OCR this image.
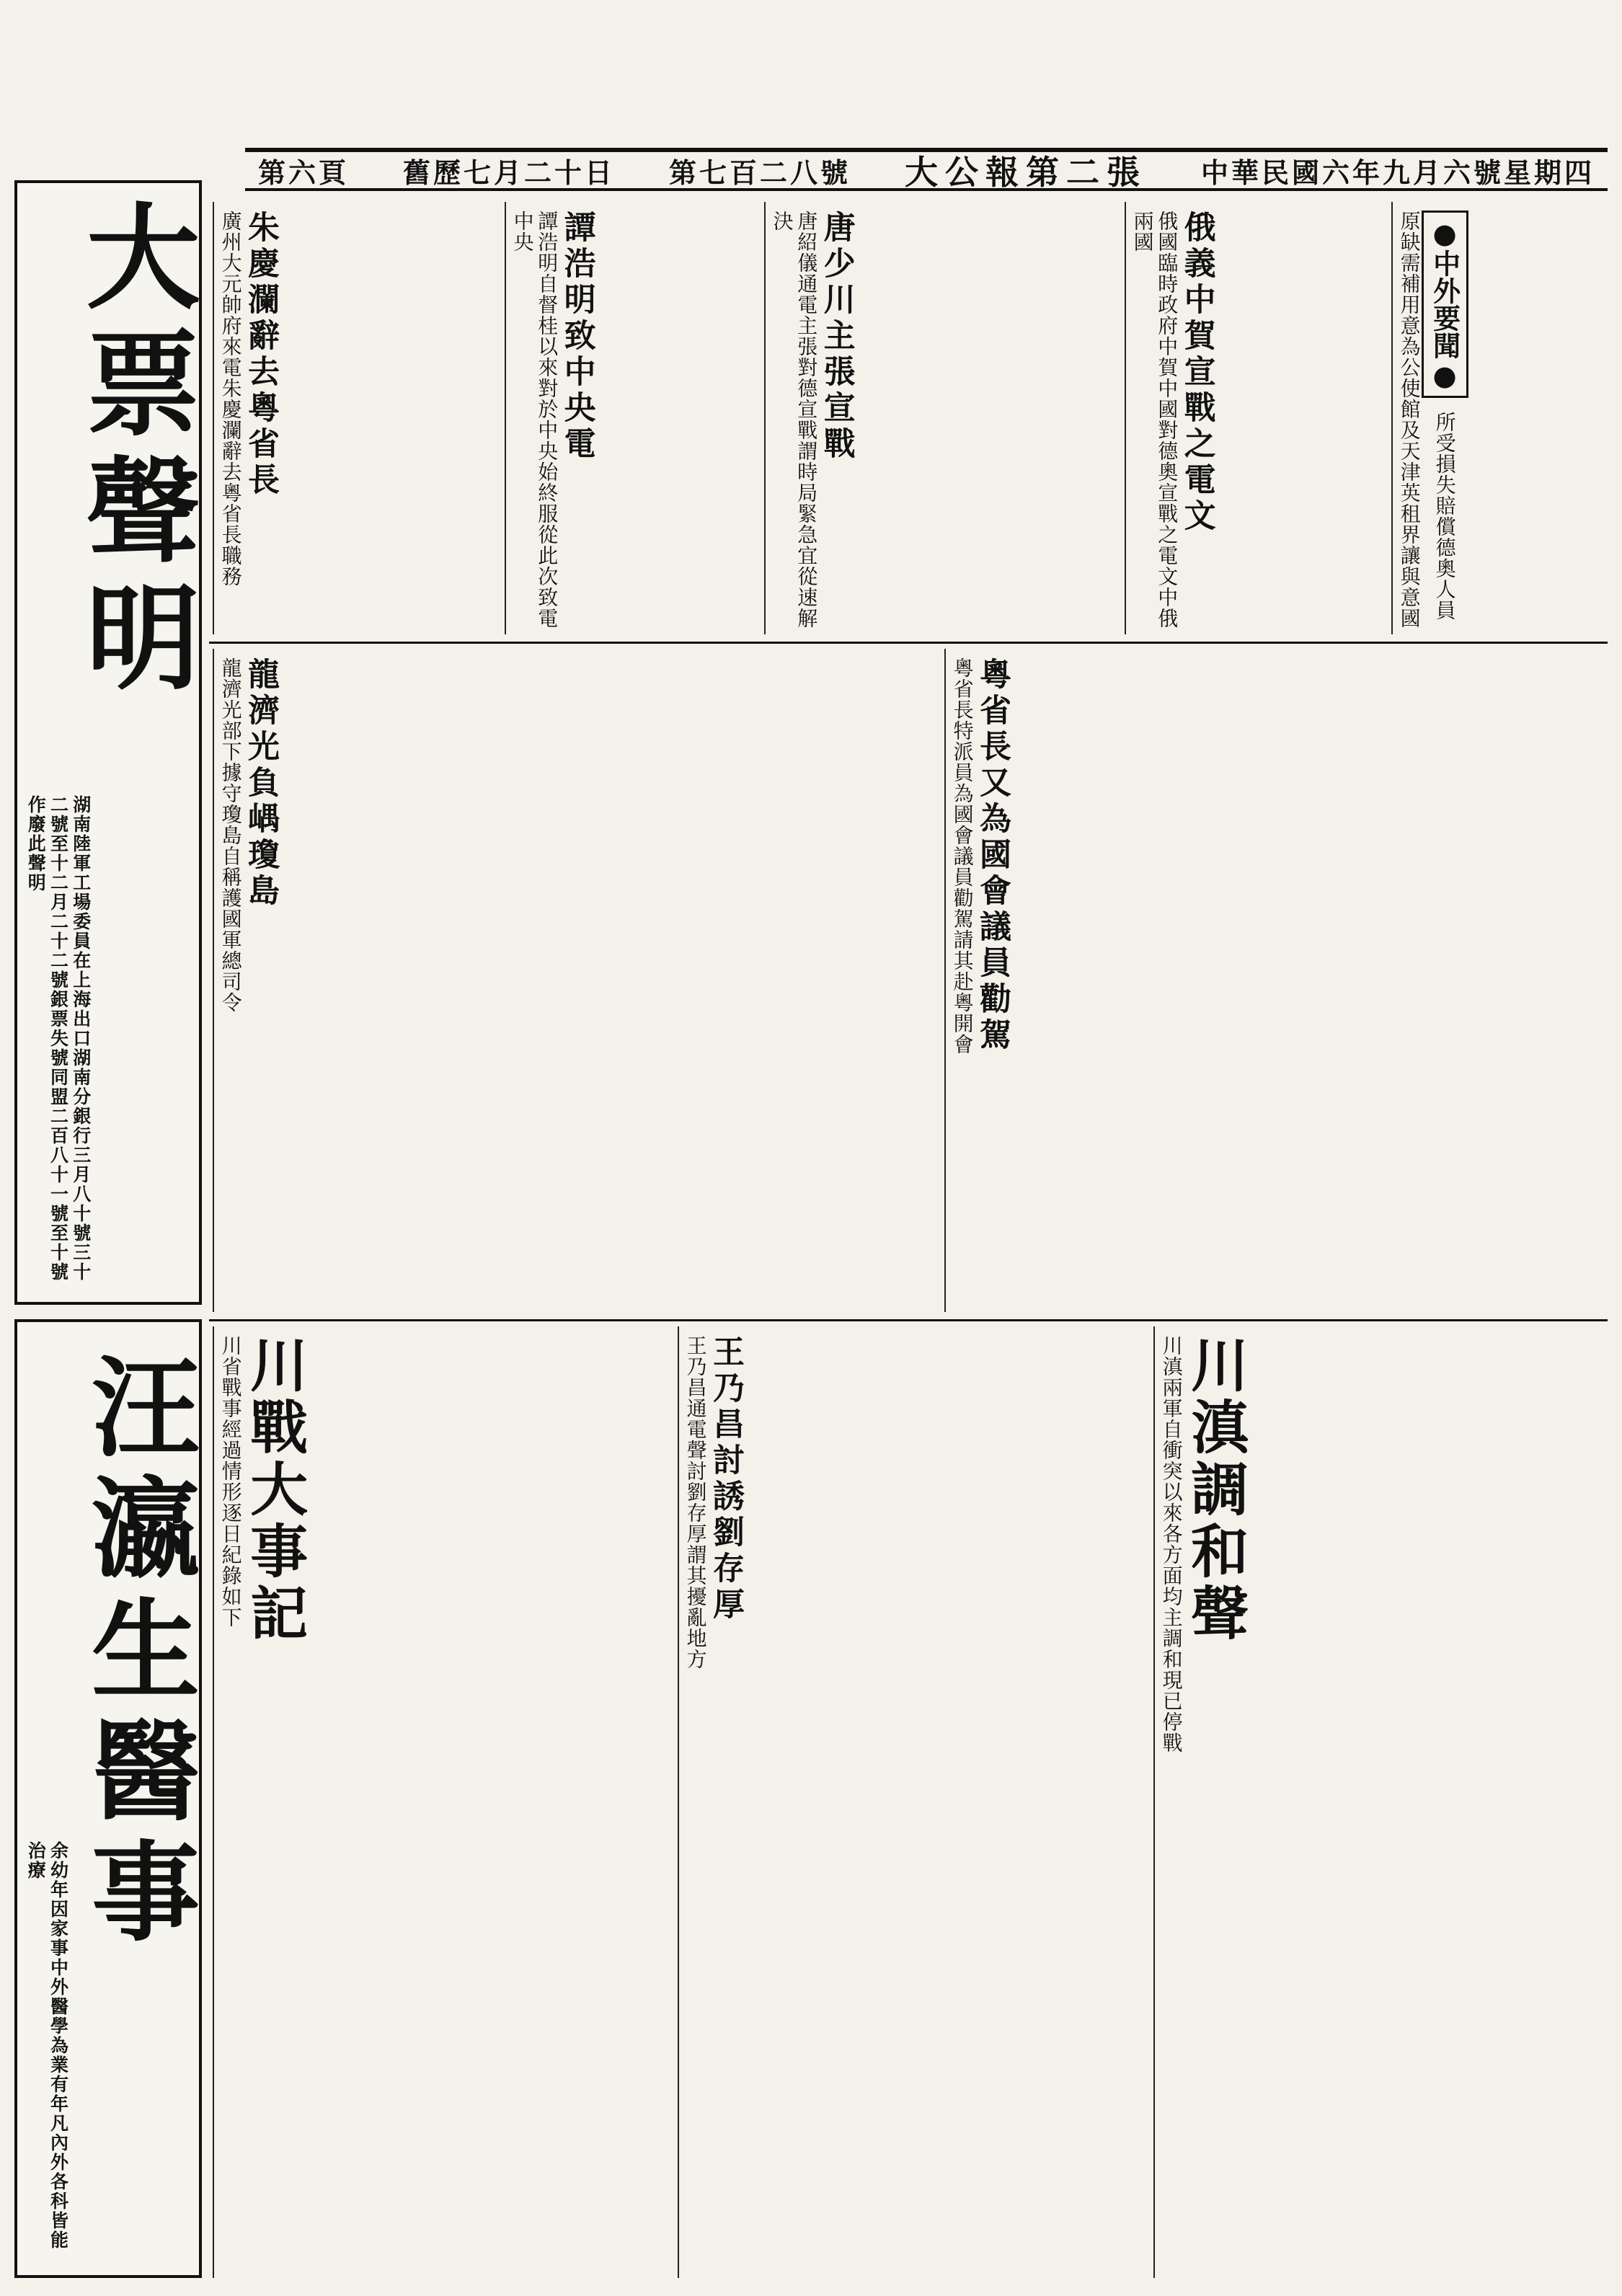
中華民國六年九月六號星期四
大公報第二張
第七百二八號
舊歷七月二十日
第六頁
大票聲明
湖南陸軍工場委員在上海出口湖南分銀行三月八十號三十二號至十二月二十二號銀票失號同盟二百八十一號至十號作廢此聲明
汪瀛生醫事
余幼年因家事中外醫學為業有年凡內外各科皆能治療
●中外要聞● 所受損失賠償德奧人員原缺需補用意為公使館及天津英租界讓與意國
俄義中賀宣戰之電文
俄國臨時政府中賀中國對德奧宣戰之電文中俄兩國
唐少川主張宣戰
唐紹儀通電主張對德宣戰謂時局緊急宜從速解決
譚浩明致中央電
譚浩明自督桂以來對於中央始終服從此次致電中央
朱慶瀾辭去粵省長
廣州大元帥府來電朱慶瀾辭去粵省長職務
粵省長又為國會議員勸駕
粵省長特派員為國會議員勸駕請其赴粵開會
龍濟光負嵎瓊島
龍濟光部下據守瓊島自稱護國軍總司令
川滇調和聲
川滇兩軍自衝突以來各方面均主調和現已停戰
王乃昌討誘劉存厚
王乃昌通電聲討劉存厚謂其擾亂地方
川戰大事記
川省戰事經過情形逐日紀錄如下
